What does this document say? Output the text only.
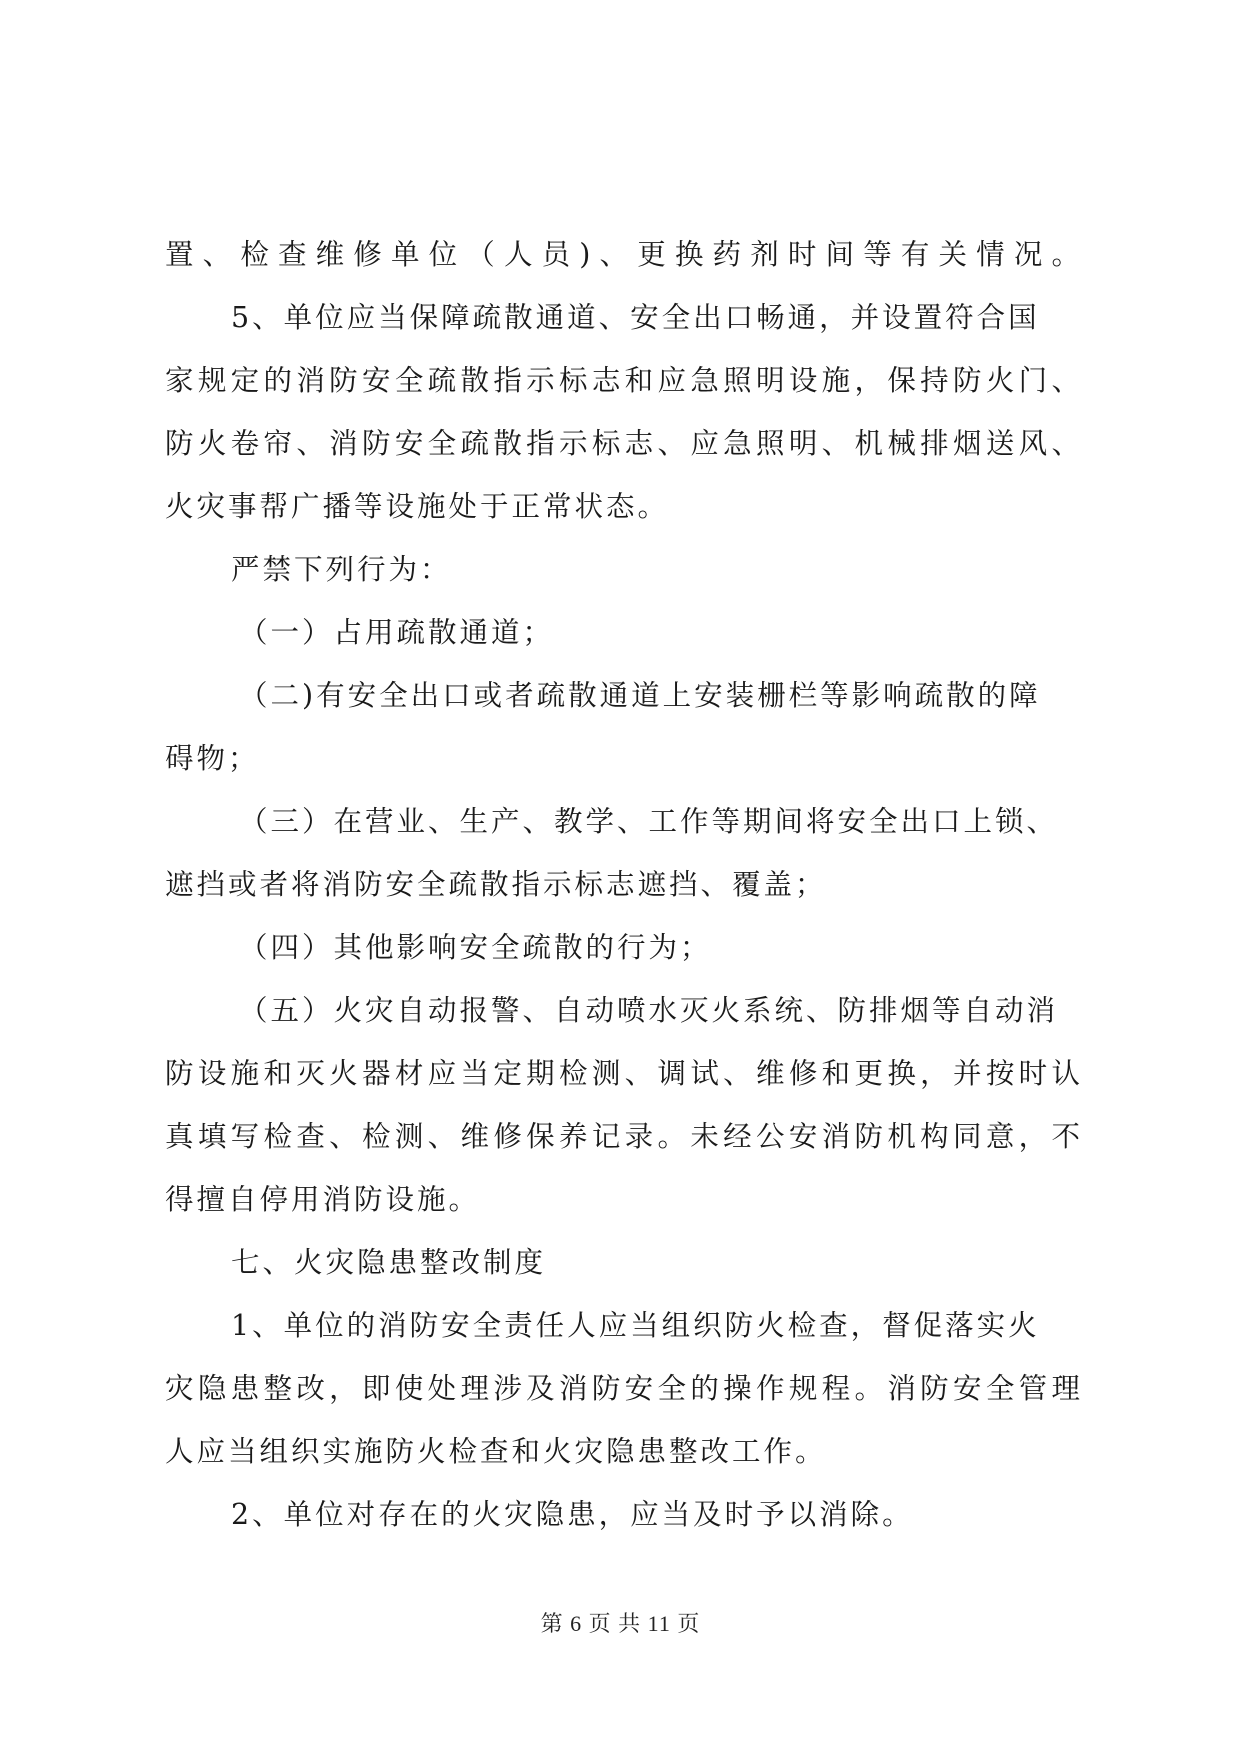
置、检查维修单位（人员)、更换药剂时间等有关情况。
5、单位应当保障疏散通道、安全出口畅通，并设置符合国
家规定的消防安全疏散指示标志和应急照明设施，保持防火门、
防火卷帘、消防安全疏散指示标志、应急照明、机械排烟送风、
火灾事帮广播等设施处于正常状态。
严禁下列行为：
（一）占用疏散通道；
（二)有安全出口或者疏散通道上安装栅栏等影响疏散的障
碍物；
（三）在营业、生产、教学、工作等期间将安全出口上锁、
遮挡或者将消防安全疏散指示标志遮挡、覆盖；
（四）其他影响安全疏散的行为；
（五）火灾自动报警、自动喷水灭火系统、防排烟等自动消
防设施和灭火器材应当定期检测、调试、维修和更换，并按时认
真填写检查、检测、维修保养记录。未经公安消防机构同意，不
得擅自停用消防设施。
七、火灾隐患整改制度
1、单位的消防安全责任人应当组织防火检查，督促落实火
灾隐患整改，即使处理涉及消防安全的操作规程。消防安全管理
人应当组织实施防火检查和火灾隐患整改工作。
2、单位对存在的火灾隐患，应当及时予以消除。
第 6 页 共 11 页
